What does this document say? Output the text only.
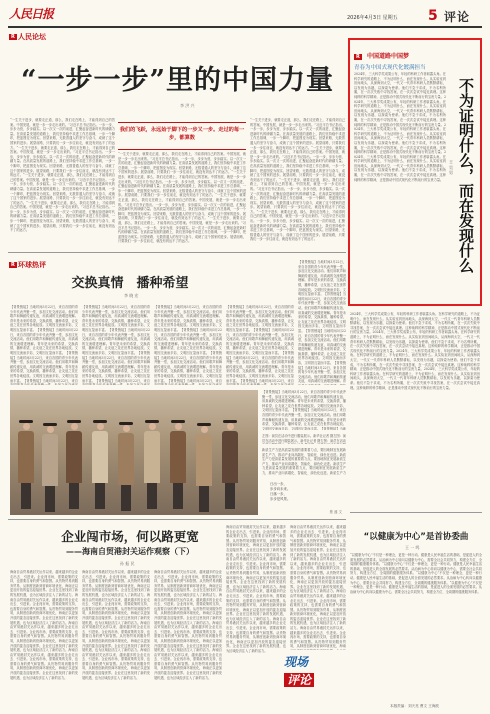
人民日报	2026年4月3日 星期五 5 评论
R 人民论坛
“一步一步”里的中国力量
李 洪 兴
“一生关于进步，就要走正道，那么，我们走在路上，才能得到自己的答案。中国发展，就是一步一步走出来的。”习近平总书记指出。一步一步，步步为营，步步踏实。以一次又一次的前进，汇聚起奋进新时代的磅礴力量。在高质量发展的道路上，我们坚持稳中求进工作总基调，一步一个脚印，把蓝图变为现实。回望来路，无数普通人的坚守与奋斗，成就了这个国家的进步。展望前路，只要我们一步一步往前走，就没有到达不了的远方。“一生关于进步，就要走正道，那么，我们走在路上，才能得到自己的答案。中国发展，就是一步一步走出来的。”习近平总书记指出。一步一步，步步为营，步步踏实。以一次又一次的前进，汇聚起奋进新时代的磅礴力量。在高质量发展的道路上，我们坚持稳中求进工作总基调，一步一个脚印，把蓝图变为现实。回望来路，无数普通人的坚守与奋斗，成就了这个国家的进步。展望前路，只要我们一步一步往前走，就没有到达不了的远方。“一生关于进步，就要走正道，那么，我们走在路上，才能得到自己的答案。中国发展，就是一步一步走出来的。”习近平总书记指出。一步一步，步步为营，步步踏实。以一次又一次的前进，汇聚起奋进新时代的磅礴力量。在高质量发展的道路上，我们坚持稳中求进工作总基调，一步一个脚印，把蓝图变为现实。回望来路，无数普通人的坚守与奋斗，成就了这个国家的进步。展望前路，只要我们一步一步往前走，就没有到达不了的远方。“一生关于进步，就要走正道，那么，我们走在路上，才能得到自己的答案。中国发展，就是一步一步走出来的。”习近平总书记指出。一步一步，步步为营，步步踏实。以一次又一次的前进，汇聚起奋进新时代的磅礴力量。在高质量发展的道路上，我们坚持稳中求进工作总基调，一步一个脚印，把蓝图变为现实。回望来路，无数普通人的坚守与奋斗，成就了这个国家的进步。展望前路，只要我们一步一步往前走，就没有到达不了的远方。
我们的飞跃，永远始于脚下的一步又一步。走过的每一步，都算数
“一生关于进步，就要走正道，那么，我们走在路上，才能得到自己的答案。中国发展，就是一步一步走出来的。”习近平总书记指出。一步一步，步步为营，步步踏实。以一次又一次的前进，汇聚起奋进新时代的磅礴力量。在高质量发展的道路上，我们坚持稳中求进工作总基调，一步一个脚印，把蓝图变为现实。回望来路，无数普通人的坚守与奋斗，成就了这个国家的进步。展望前路，只要我们一步一步往前走，就没有到达不了的远方。“一生关于进步，就要走正道，那么，我们走在路上，才能得到自己的答案。中国发展，就是一步一步走出来的。”习近平总书记指出。一步一步，步步为营，步步踏实。以一次又一次的前进，汇聚起奋进新时代的磅礴力量。在高质量发展的道路上，我们坚持稳中求进工作总基调，一步一个脚印，把蓝图变为现实。回望来路，无数普通人的坚守与奋斗，成就了这个国家的进步。展望前路，只要我们一步一步往前走，就没有到达不了的远方。“一生关于进步，就要走正道，那么，我们走在路上，才能得到自己的答案。中国发展，就是一步一步走出来的。”习近平总书记指出。一步一步，步步为营，步步踏实。以一次又一次的前进，汇聚起奋进新时代的磅礴力量。在高质量发展的道路上，我们坚持稳中求进工作总基调，一步一个脚印，把蓝图变为现实。回望来路，无数普通人的坚守与奋斗，成就了这个国家的进步。展望前路，只要我们一步一步往前走，就没有到达不了的远方。“一生关于进步，就要走正道，那么，我们走在路上，才能得到自己的答案。中国发展，就是一步一步走出来的。”习近平总书记指出。一步一步，步步为营，步步踏实。以一次又一次的前进，汇聚起奋进新时代的磅礴力量。在高质量发展的道路上，我们坚持稳中求进工作总基调，一步一个脚印，把蓝图变为现实。回望来路，无数普通人的坚守与奋斗，成就了这个国家的进步。展望前路，只要我们一步一步往前走，就没有到达不了的远方。
“一生关于进步，就要走正道，那么，我们走在路上，才能得到自己的答案。中国发展，就是一步一步走出来的。”习近平总书记指出。一步一步，步步为营，步步踏实。以一次又一次的前进，汇聚起奋进新时代的磅礴力量。在高质量发展的道路上，我们坚持稳中求进工作总基调，一步一个脚印，把蓝图变为现实。回望来路，无数普通人的坚守与奋斗，成就了这个国家的进步。展望前路，只要我们一步一步往前走，就没有到达不了的远方。“一生关于进步，就要走正道，那么，我们走在路上，才能得到自己的答案。中国发展，就是一步一步走出来的。”习近平总书记指出。一步一步，步步为营，步步踏实。以一次又一次的前进，汇聚起奋进新时代的磅礴力量。在高质量发展的道路上，我们坚持稳中求进工作总基调，一步一个脚印，把蓝图变为现实。回望来路，无数普通人的坚守与奋斗，成就了这个国家的进步。展望前路，只要我们一步一步往前走，就没有到达不了的远方。“一生关于进步，就要走正道，那么，我们走在路上，才能得到自己的答案。中国发展，就是一步一步走出来的。”习近平总书记指出。一步一步，步步为营，步步踏实。以一次又一次的前进，汇聚起奋进新时代的磅礴力量。在高质量发展的道路上，我们坚持稳中求进工作总基调，一步一个脚印，把蓝图变为现实。回望来路，无数普通人的坚守与奋斗，成就了这个国家的进步。展望前路，只要我们一步一步往前走，就没有到达不了的远方。“一生关于进步，就要走正道，那么，我们走在路上，才能得到自己的答案。中国发展，就是一步一步走出来的。”习近平总书记指出。一步一步，步步为营，步步踏实。以一次又一次的前进，汇聚起奋进新时代的磅礴力量。在高质量发展的道路上，我们坚持稳中求进工作总基调，一步一个脚印，把蓝图变为现实。回望来路，无数普通人的坚守与奋斗，成就了这个国家的进步。展望前路，只要我们一步一步往前走，就没有到达不了的远方。
R 中国道路中国梦
青春为中国式现代化镀满担当
不为证明什么，而在发现什么
王 昊 男
2024年，三大科学奖成果公布，年轻的科研工作者崭露头角。在科学研究的道路上，不为证明什么，而在发现什么。从实验室到田间地头，从深海到太空，一代又一代青年科研人员默默耕耘，以发现为乐趣，以探索为使命。他们不急于求成，不为名利所累，在一次次失败中寻找答案，在一次次尝试中接近真理。这种纯粹的科学精神，正是推动中国式现代化不断前行的宝贵力量。2024年，三大科学奖成果公布，年轻的科研工作者崭露头角。在科学研究的道路上，不为证明什么，而在发现什么。从实验室到田间地头，从深海到太空，一代又一代青年科研人员默默耕耘，以发现为乐趣，以探索为使命。他们不急于求成，不为名利所累，在一次次失败中寻找答案，在一次次尝试中接近真理。这种纯粹的科学精神，正是推动中国式现代化不断前行的宝贵力量。2024年，三大科学奖成果公布，年轻的科研工作者崭露头角。在科学研究的道路上，不为证明什么，而在发现什么。从实验室到田间地头，从深海到太空，一代又一代青年科研人员默默耕耘，以发现为乐趣，以探索为使命。他们不急于求成，不为名利所累，在一次次失败中寻找答案，在一次次尝试中接近真理。这种纯粹的科学精神，正是推动中国式现代化不断前行的宝贵力量。2024年，三大科学奖成果公布，年轻的科研工作者崭露头角。在科学研究的道路上，不为证明什么，而在发现什么。从实验室到田间地头，从深海到太空，一代又一代青年科研人员默默耕耘，以发现为乐趣，以探索为使命。他们不急于求成，不为名利所累，在一次次失败中寻找答案，在一次次尝试中接近真理。这种纯粹的科学精神，正是推动中国式现代化不断前行的宝贵力量。
R 环球热评
交换真情　播种希望
李 晓 宏
【背景链接】当地时间3月22日，来自各国的青少年代表齐聚一堂，参加文化交流活动。他们用歌声和舞蹈传递友谊，用真诚的交流增进理解。青年是未来的希望，交换真情，播种希望，让友谊之花在世界各地绽放。文明因交流而多彩，文明因互鉴而丰富。【背景链接】当地时间3月22日，来自各国的青少年代表齐聚一堂，参加文化交流活动。他们用歌声和舞蹈传递友谊，用真诚的交流增进理解。青年是未来的希望，交换真情，播种希望，让友谊之花在世界各地绽放。文明因交流而多彩，文明因互鉴而丰富。【背景链接】当地时间3月22日，来自各国的青少年代表齐聚一堂，参加文化交流活动。他们用歌声和舞蹈传递友谊，用真诚的交流增进理解。青年是未来的希望，交换真情，播种希望，让友谊之花在世界各地绽放。文明因交流而多彩，文明因互鉴而丰富。【背景链接】当地时间3月22日，来自
【背景链接】当地时间3月22日，来自各国的青少年代表齐聚一堂，参加文化交流活动。他们用歌声和舞蹈传递友谊，用真诚的交流增进理解。青年是未来的希望，交换真情，播种希望，让友谊之花在世界各地绽放。文明因交流而多彩，文明因互鉴而丰富。【背景链接】当地时间3月22日，来自各国的青少年代表齐聚一堂，参加文化交流活动。他们用歌声和舞蹈传递友谊，用真诚的交流增进理解。青年是未来的希望，交换真情，播种希望，让友谊之花在世界各地绽放。文明因交流而多彩，文明因互鉴而丰富。【背景链接】当地时间3月22日，来自各国的青少年代表齐聚一堂，参加文化交流活动。他们用歌声和舞蹈传递友谊，用真诚的交流增进理解。青年是未来的希望，交换真情，播种希望，让友谊之花在世界各地绽放。文明因交流而多彩，文明因互鉴而丰富。【背景链接】当地时间3月22日，来自
【背景链接】当地时间3月22日，来自各国的青少年代表齐聚一堂，参加文化交流活动。他们用歌声和舞蹈传递友谊，用真诚的交流增进理解。青年是未来的希望，交换真情，播种希望，让友谊之花在世界各地绽放。文明因交流而多彩，文明因互鉴而丰富。【背景链接】当地时间3月22日，来自各国的青少年代表齐聚一堂，参加文化交流活动。他们用歌声和舞蹈传递友谊，用真诚的交流增进理解。青年是未来的希望，交换真情，播种希望，让友谊之花在世界各地绽放。文明因交流而多彩，文明因互鉴而丰富。【背景链接】当地时间3月22日，来自各国的青少年代表齐聚一堂，参加文化交流活动。他们用歌声和舞蹈传递友谊，用真诚的交流增进理解。青年是未来的希望，交换真情，播种希望，让友谊之花在世界各地绽放。文明因交流而多彩，文明因互鉴而丰富。【背景链接】当地时间3月22日，来自
【背景链接】当地时间3月22日，来自各国的青少年代表齐聚一堂，参加文化交流活动。他们用歌声和舞蹈传递友谊，用真诚的交流增进理解。青年是未来的希望，交换真情，播种希望，让友谊之花在世界各地绽放。文明因交流而多彩，文明因互鉴而丰富。【背景链接】当地时间3月22日，来自各国的青少年代表齐聚一堂，参加文化交流活动。他们用歌声和舞蹈传递友谊，用真诚的交流增进理解。青年是未来的希望，交换真情，播种希望，让友谊之花在世界各地绽放。文明因交流而多彩，文明因互鉴而丰富。【背景链接】当地时间3月22日，来自各国的青少年代表齐聚一堂，参加文化交流活动。他们用歌声和舞蹈传递友谊，用真诚的交流增进理解。青年是未来的希望，交换真情，播种希望，让友谊之花在世界各地绽放。文明因交流而多彩，文明因互鉴而丰富。【背景链接】当地时间3月22日，来自
【背景链接】当地时间3月22日，来自各国的青少年代表齐聚一堂，参加文化交流活动。他们用歌声和舞蹈传递友谊，用真诚的交流增进理解。青年是未来的希望，交换真情，播种希望，让友谊之花在世界各地绽放。文明因交流而多彩，文明因互鉴而丰富。【背景链接】当地时间3月22日，来自各国的青少年代表齐聚一堂，参加文化交流活动。他们用歌声和舞蹈传递友谊，用真诚的交流增进理解。青年是未来的希望，交换真情，播种希望，让友谊之花在世界各地绽放。文明因交流而多彩，文明因互鉴而丰富。【背景链接】当地时间3月22日，来自各国的青少年代表齐聚一堂，参加文化交流活动。他们用歌声和舞蹈传递友谊，用真诚的交流增进理解。青年是未来的希望，交换真情，播种希望，让友谊之花在世界各地绽放。文明因交流而多彩，文明因互鉴而丰富。【背景链接】当地时间3月22日，来自各国的青少年代表齐聚一堂，参加文化交流活动。他们用歌声和舞蹈传递友谊，用真诚的交流增进理解。青
【背景链接】当地时间3月22日，来自各国的青少年代表齐聚一堂，参加文化交流活动。他们用歌声和舞蹈传递友谊，用真诚的交流增进理解。青年是未来的希望，交换真情，播种希望，让友谊之花在世界各地绽放。文明因交流而多彩，文明因互鉴而丰富。【背景链接】当地时间3月22日，来自各国的青少年代表齐聚一堂，参加文化交流活动。他们用歌声和舞蹈传递友谊，用真诚的交流增进理解。青年是未来的希望，交换真情，播种希望，让友谊之花在世界各地绽放。文明因交流而多彩，文明因互鉴而丰富。【背景链接】当地
左图：演员在活动中进行服装展示。新华社记者 摄左图：演员在活动中进行服装展示。新华社记者 摄左图：演员在活动
新质生产力是高质量发展的重要着力点，要因地制宜发展新质生产力，推动产业向高端化、智能化、绿色化迈进。新质生产力是高质量发展的重要着力点，要因地制宜发展新质生产力，推动产业向高端化、智能化、绿色化迈进。新质生产力是高质量发展的重要着力点，要因地制宜发展新质生产力，推动产业向高端化、智能化、绿色化迈进。新质生产力
日出一步，
步步向未来。
日落一步，
步步是风景。
焦 盛 文
2024年，三大科学奖成果公布，年轻的科研工作者崭露头角。在科学研究的道路上，不为证明什么，而在发现什么。从实验室到田间地头，从深海到太空，一代又一代青年科研人员默默耕耘，以发现为乐趣，以探索为使命。他们不急于求成，不为名利所累，在一次次失败中寻找答案，在一次次尝试中接近真理。这种纯粹的科学精神，正是推动中国式现代化不断前行的宝贵力量。2024年，三大科学奖成果公布，年轻的科研工作者崭露头角。在科学研究的道路上，不为证明什么，而在发现什么。从实验室到田间地头，从深海到太空，一代又一代青年科研人员默默耕耘，以发现为乐趣，以探索为使命。他们不急于求成，不为名利所累，在一次次失败中寻找答案，在一次次尝试中接近真理。这种纯粹的科学精神，正是推动中国式现代化不断前行的宝贵力量。2024年，三大科学奖成果公布，年轻的科研工作者崭露头角。在科学研究的道路上，不为证明什么，而在发现什么。从实验室到田间地头，从深海到太空，一代又一代青年科研人员默默耕耘，以发现为乐趣，以探索为使命。他们不急于求成，不为名利所累，在一次次失败中寻找答案，在一次次尝试中接近真理。这种纯粹的科学精神，正是推动中国式现代化不断前行的宝贵力量。2024年，三大科学奖成果公布，年轻的科研工作者崭露头角。在科学研究的道路上，不为证明什么，而在发现什么。从实验室到田间地头，从深海到太空，一代又一代青年科研人员默默耕耘，以发现为乐趣，以探索为使命。他们不急于求成，不为名利所累，在一次次失败中寻找答案，在一次次尝试中接近真理。这种纯粹的科学精神，正是推动中国式现代化不断前行的宝贵力量。
企业闯市场，何以路更宽
——海南自贸港封关运作观察（下）
孙 振 民
海南自由贸易港封关运作以来，越来越多的企业走出去、引进来。企业闯市场，需要政策的支持，也需要自身的勇气和智慧。从货物贸易到服务贸易，从制度创新到营商环境优化，海南正以更加开放的姿态迎接世界。企业在这里找到了新的发展机遇，也为区域经济注入了新的活力。海南自由贸易港封关运作以来，越来越多的企业走出去、引进来。企业闯市场，需要政策的支持，也需要自身的勇气和智慧。从货物贸易到服务贸易，从制度创新到营商环境优化，海南正以更加开放的姿态迎接世界。企业在这里找到了新的发展机遇，也为区域经济注入了新的活力。海南自由贸易港封关运作以来，越来越多的企业走出去、引进来。企业闯市场，需要政策的支持，也需要自身的勇气和智慧。从货物贸易到服务贸易，从制度创新到营商环境优化，海南正以更加开放的姿态迎接世界。企业在这里找到了新的发展机遇，也为区域经济注入了新的活力。海南自由贸易港封关运作以来，越来越多的企业走出去、引进来。企业闯市场，需要政策的支持，也需要自身的勇气和智慧。从货物贸易到服务贸易，从制度创新到营商环境优化，海南正以更加开放的姿态迎接世界。企业在这里找到了新的发展机遇，也为区域经济注入了新的活力。
海南自由贸易港封关运作以来，越来越多的企业走出去、引进来。企业闯市场，需要政策的支持，也需要自身的勇气和智慧。从货物贸易到服务贸易，从制度创新到营商环境优化，海南正以更加开放的姿态迎接世界。企业在这里找到了新的发展机遇，也为区域经济注入了新的活力。海南自由贸易港封关运作以来，越来越多的企业走出去、引进来。企业闯市场，需要政策的支持，也需要自身的勇气和智慧。从货物贸易到服务贸易，从制度创新到营商环境优化，海南正以更加开放的姿态迎接世界。企业在这里找到了新的发展机遇，也为区域经济注入了新的活力。海南自由贸易港封关运作以来，越来越多的企业走出去、引进来。企业闯市场，需要政策的支持，也需要自身的勇气和智慧。从货物贸易到服务贸易，从制度创新到营商环境优化，海南正以更加开放的姿态迎接世界。企业在这里找到了新的发展机遇，也为区域经济注入了新的活力。海南自由贸易港封关运作以来，越来越多的企业走出去、引进来。企业闯市场，需要政策的支持，也需要自身的勇气和智慧。从货物贸易到服务贸易，从制度创新到营商环境优化，海南正以更加开放的姿态迎接世界。企业在这里找到了新的发展机遇，也为区域经济注入了新的活力。
海南自由贸易港封关运作以来，越来越多的企业走出去、引进来。企业闯市场，需要政策的支持，也需要自身的勇气和智慧。从货物贸易到服务贸易，从制度创新到营商环境优化，海南正以更加开放的姿态迎接世界。企业在这里找到了新的发展机遇，也为区域经济注入了新的活力。海南自由贸易港封关运作以来，越来越多的企业走出去、引进来。企业闯市场，需要政策的支持，也需要自身的勇气和智慧。从货物贸易到服务贸易，从制度创新到营商环境优化，海南正以更加开放的姿态迎接世界。企业在这里找到了新的发展机遇，也为区域经济注入了新的活力。海南自由贸易港封关运作以来，越来越多的企业走出去、引进来。企业闯市场，需要政策的支持，也需要自身的勇气和智慧。从货物贸易到服务贸易，从制度创新到营商环境优化，海南正以更加开放的姿态迎接世界。企业在这里找到了新的发展机遇，也为区域经济注入了新的活力。海南自由贸易港封关运作以来，越来越多的企业走出去、引进来。企业闯市场，需要政策的支持，也需要自身的勇气和智慧。从货物贸易到服务贸易，从制度创新到营商环境优化，海南正以更加开放的姿态迎接世界。企业在这里找到了新的发展机遇，也为区域经济注入了新的活力。
海南自由贸易港封关运作以来，越来越多的企业走出去、引进来。企业闯市场，需要政策的支持，也需要自身的勇气和智慧。从货物贸易到服务贸易，从制度创新到营商环境优化，海南正以更加开放的姿态迎接世界。企业在这里找到了新的发展机遇，也为区域经济注入了新的活力。海南自由贸易港封关运作以来，越来越多的企业走出去、引进来。企业闯市场，需要政策的支持，也需要自身的勇气和智慧。从货物贸易到服务贸易，从制度创新到营商环境优化，海南正以更加开放的姿态迎接世界。企业在这里找到了新的发展机遇，也为区域经济注入了新的活力。海南自由贸易港封关运作以来，越来越多的企业走出去、引进来。企业闯市场，需要政策的支持，也需要自身的勇气和智慧。从货物贸易到服务贸易，从制度创新到营商环境优化，海南正以更加开放的姿态迎接世界。企业在这里找到了新的发展机遇，也为区域经济注入了新的活力。海南自由贸易港封关运作以来，越来越多的企业走出去、引进来。企业闯市场，需要政策的支持，也需要自身的勇气和智慧。从货物贸易到服务贸易，从制度创新到营商环境优化，海南正以更加开放的姿态迎接世界。企业在这里找到了新的发展机遇，也为区域经济注入了新的活力。
海南自由贸易港封关运作以来，越来越多的企业走出去、引进来。企业闯市场，需要政策的支持，也需要自身的勇气和智慧。从货物贸易到服务贸易，从制度创新到营商环境优化，海南正以更加开放的姿态迎接世界。企业在这里找到了新的发展机遇，也为区域经济注入了新的活力。海南自由贸易港封关运作以来，越来越多的企业走出去、引进来。企业闯市场，需要政策的支持，也需要自身的勇气和智慧。从货物贸易到服务贸易，从制度创新到营商环境优化，海南正以更加开放的姿态迎接世界。企业在这里找到了新的发展机遇，也为区域经济注入了新的活力。海南自由贸易港封关运作以来，越来越多的企业走出去、引进来。企业闯市场，需要政策的支持，也需要自身的勇气和智慧。从货物贸易到服务贸易，从制度创新到营商环境优化，海南正以更加开放的姿态迎接世界。企业在这里找到了新的发展机遇，也为区域经济注入了新的活力。海南自由贸易港封关运作以来，越来越多的企业走出去、引进来。企业闯市场，需要政策的支持，也需要自身的勇气和智慧。从货物贸易到服务贸易，从制度创新到营商环境优化，海南
现场
评论
“以健康为中心”是首协委曲
王 一 鸣
“以健康为中心”不仅是一种理念，更是一种行动。健康是人民幸福生活的基础，是促进人的全面发展的必然要求。从治病为中心转向以健康为中心，需要全社会共同努力，构建全方位、全周期的健康服务体系。“以健康为中心”不仅是一种理念，更是一种行动。健康是人民幸福生活的基础，是促进人的全面发展的必然要求。从治病为中心转向以健康为中心，需要全社会共同努力，构建全方位、全周期的健康服务体系。“以健康为中心”不仅是一种理念，更是一种行动。健康是人民幸福生活的基础，是促进人的全面发展的必然要求。从治病为中心转向以健康为中心，需要全社会共同努力，构建全方位、全周期的健康服务体系。“以健康为中心”不仅是一种理念，更是一种行动。健康是人民幸福生活的基础，是促进人的全面发展的必然要求。从治病为中心转向以健康为中心，需要全社会共同努力，构建全方位、全周期的健康服务体系。
本版责编：刘天亮 曹文 王海波
